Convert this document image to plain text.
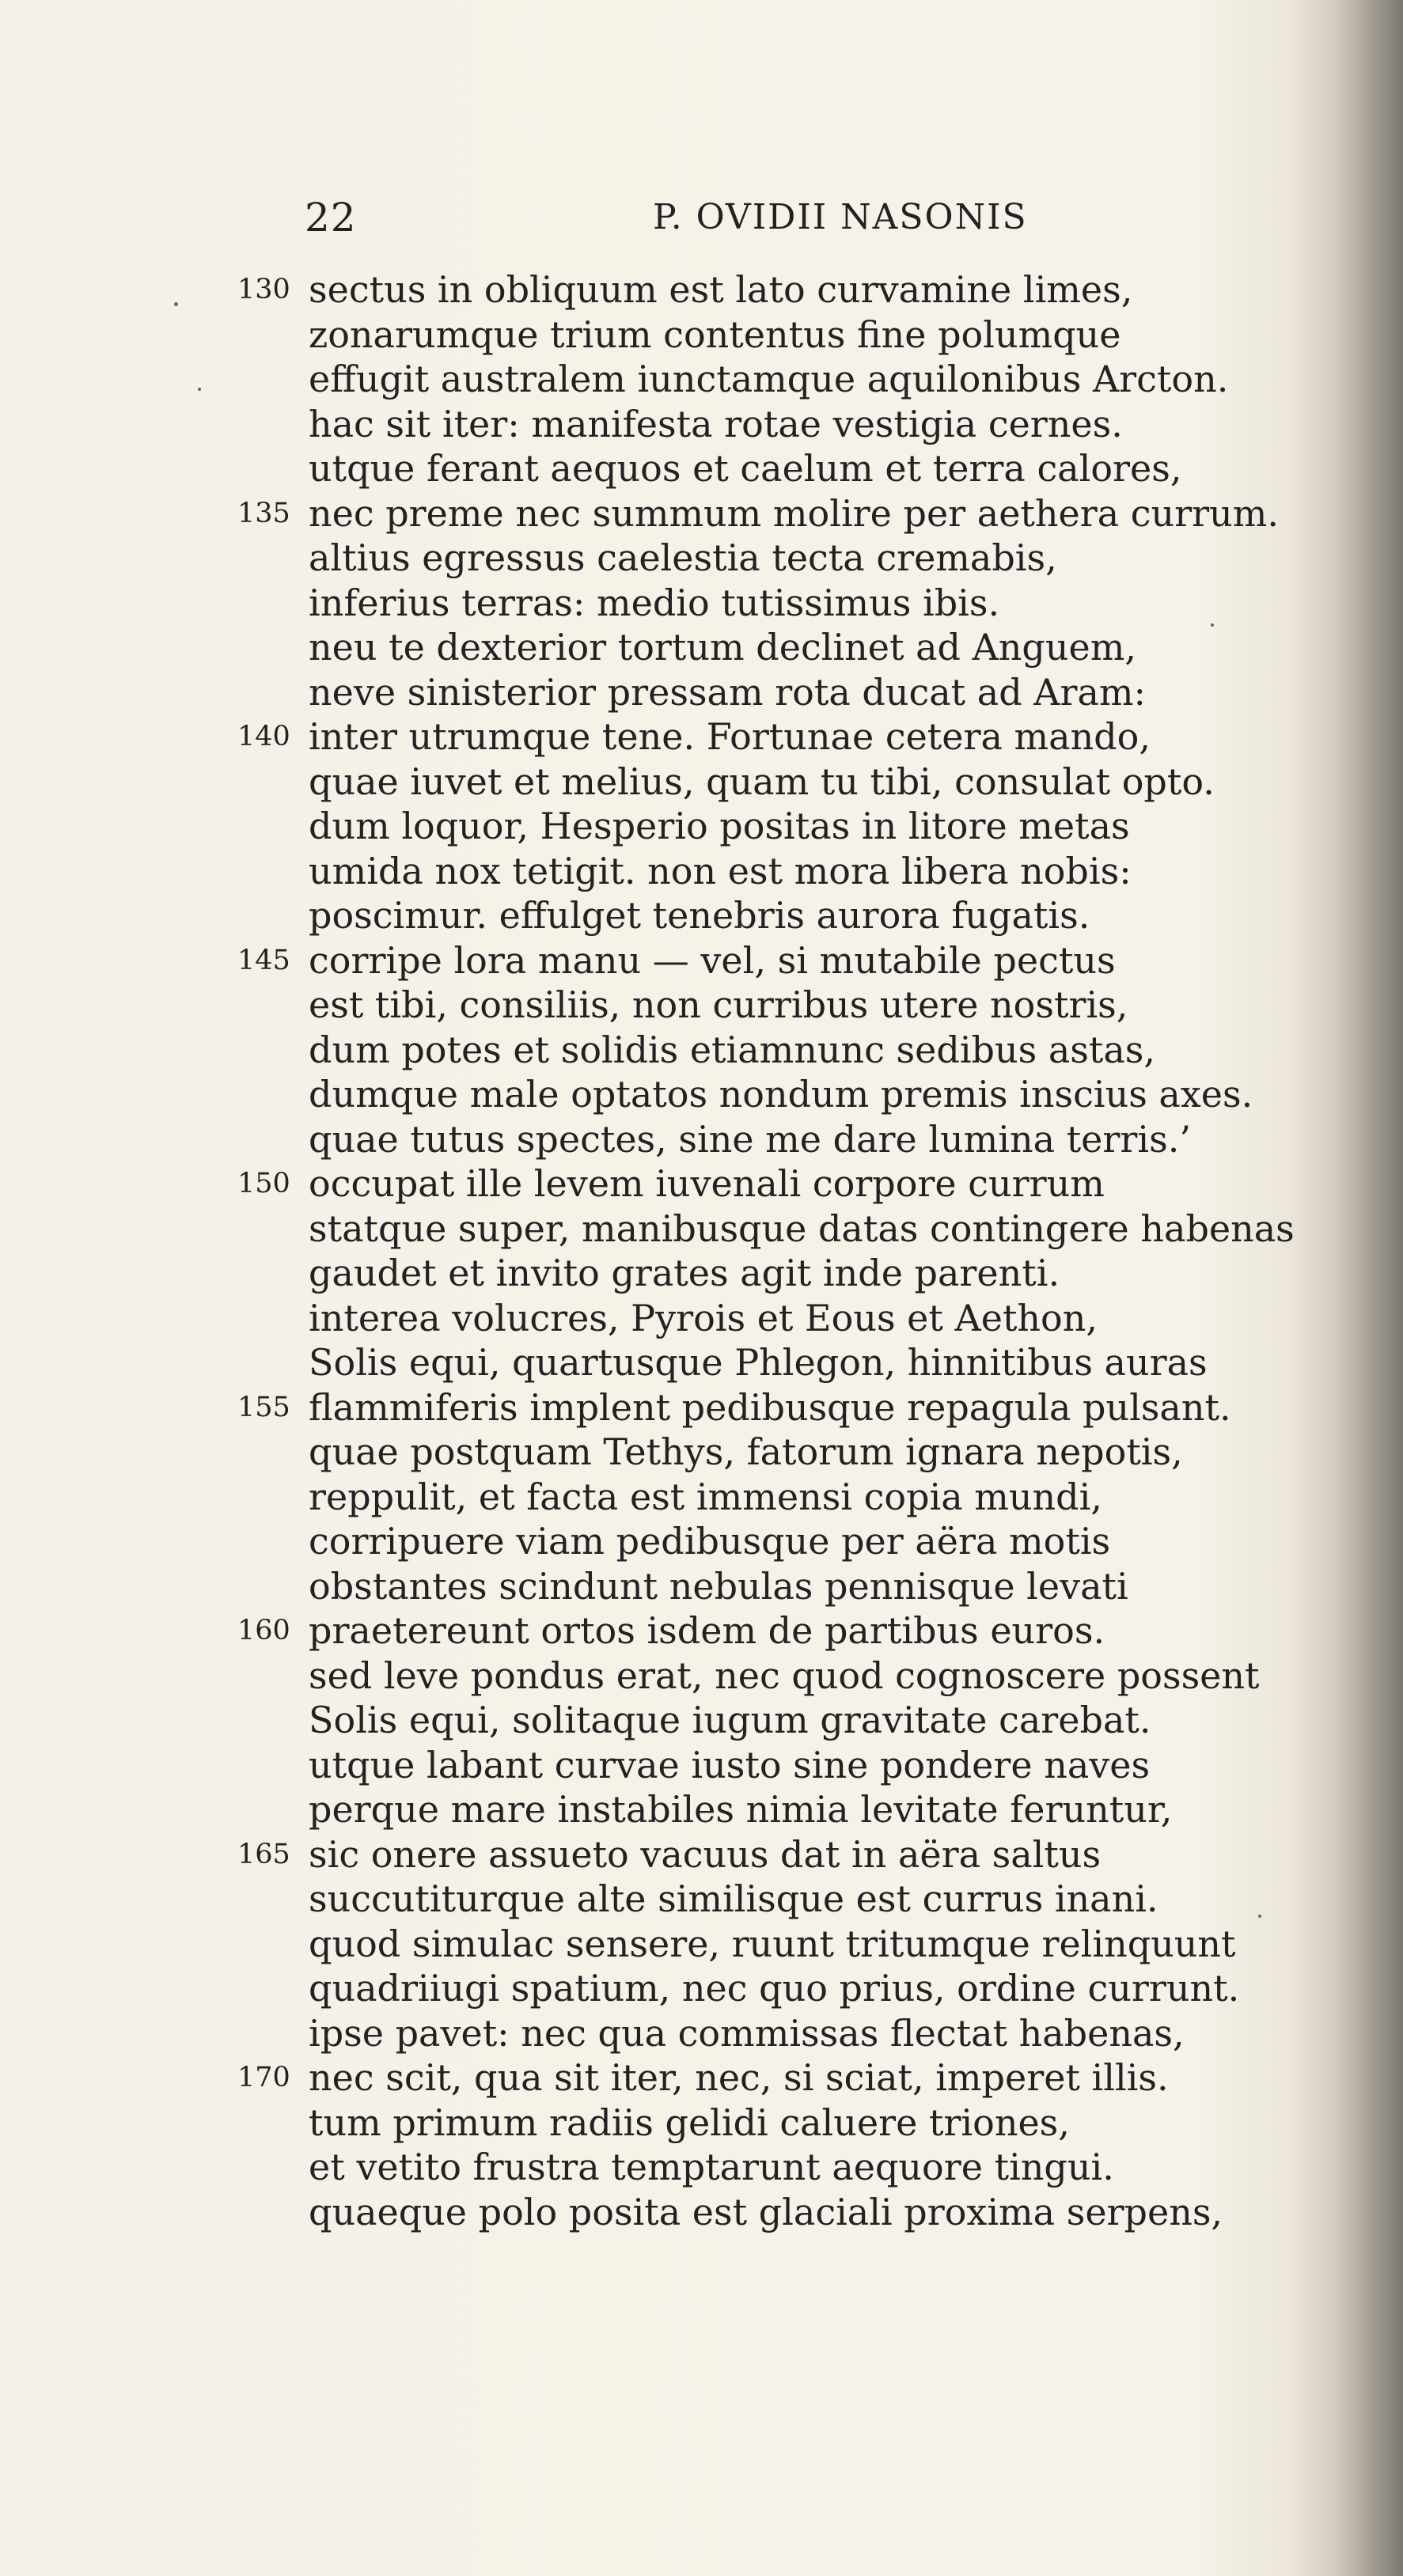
22	P. OVIDII NASONIS
130 sectus in obliquum est lato curvamine limes,
zonarumque trium contentus fine polumque
effugit australem iunctamque aquilonibus Arcton.
hac sit iter: manifesta rotae vestigia cernes.
utque ferant aequos et caelum et terra calores,
135 nec preme nec summum molire per aethera currum.
altius egressus caelestia tecta cremabis,
inferius terras: medio tutissimus ibis.
neu te dexterior tortum declinet ad Anguem,
neve sinisterior pressam rota ducat ad Aram:
140 inter utrumque tene. Fortunae cetera mando,
quae iuvet et melius, quam tu tibi, consulat opto.
dum loquor, Hesperio positas in litore metas
umida nox tetigit. non est mora libera nobis:
poscimur. effulget tenebris aurora fugatis.
145 corripe lora manu — vel, si mutabile pectus
est tibi, consiliis, non curribus utere nostris,
dum potes et solidis etiamnunc sedibus astas,
dumque male optatos nondum premis inscius axes.
quae tutus spectes, sine me dare lumina terris.’
150 occupat ille levem iuvenali corpore currum
statque super, manibusque datas contingere habenas
gaudet et invito grates agit inde parenti.
interea volucres, Pyrois et Eous et Aethon,
Solis equi, quartusque Phlegon, hinnitibus auras
155 flammiferis implent pedibusque repagula pulsant.
quae postquam Tethys, fatorum ignara nepotis,
reppulit, et facta est immensi copia mundi,
corripuere viam pedibusque per aëra motis
obstantes scindunt nebulas pennisque levati
160 praetereunt ortos isdem de partibus euros.
sed leve pondus erat, nec quod cognoscere possent
Solis equi, solitaque iugum gravitate carebat.
utque labant curvae iusto sine pondere naves
perque mare instabiles nimia levitate feruntur,
165 sic onere assueto vacuus dat in aëra saltus
succutiturque alte similisque est currus inani.
quod simulac sensere, ruunt tritumque relinquunt
quadriiugi spatium, nec quo prius, ordine currunt.
ipse pavet: nec qua commissas flectat habenas,
170 nec scit, qua sit iter, nec, si sciat, imperet illis.
tum primum radiis gelidi caluere triones,
et vetito frustra temptarunt aequore tingui.
quaeque polo posita est glaciali proxima serpens,
